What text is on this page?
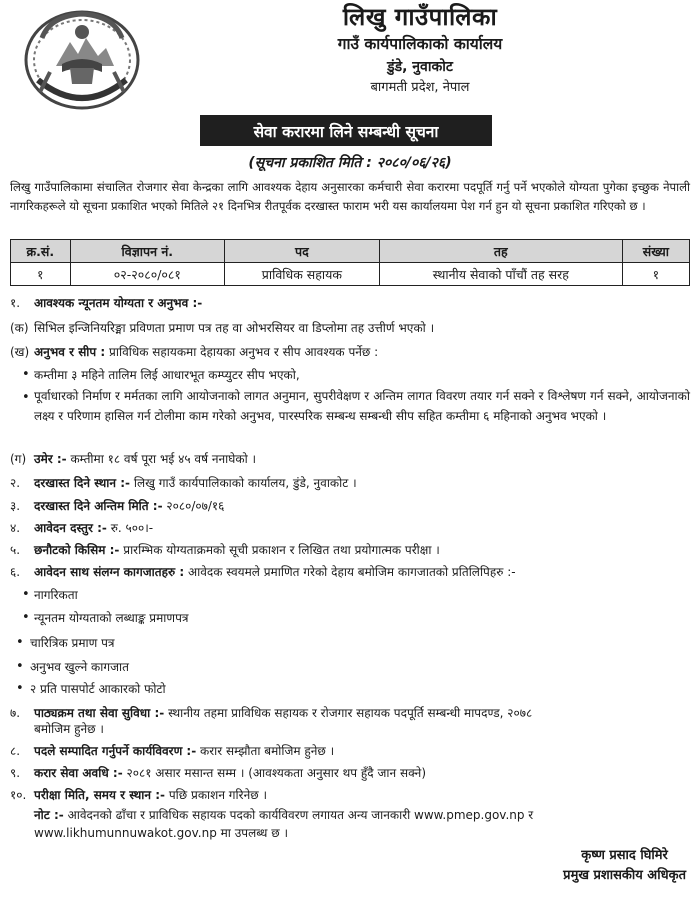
लिखु गाउँपालिका
गाउँ कार्यपालिकाको कार्यालय
डुंडे, नुवाकोट
बागमती प्रदेश, नेपाल
सेवा करारमा लिने सम्बन्धी सूचना
(सूचना प्रकाशित मिति : २०८०/०६/२६)
लिखु गाउँपालिकामा संचालित रोजगार सेवा केन्द्रका लागि आवश्यक देहाय अनुसारका कर्मचारी सेवा करारमा पदपूर्ति गर्नु पर्ने भएकोले योग्यता पुगेका इच्छुक नेपाली नागरिकहरूले यो सूचना प्रकाशित भएको मितिले २१ दिनभित्र रीतपूर्वक दरखास्त फाराम भरी यस कार्यालयमा पेश गर्न हुन यो सूचना प्रकाशित गरिएको छ ।
क्र.सं.	विज्ञापन नं.	पद	तह	संख्या
१	०२-२०८०/०८१	प्राविधिक सहायक	स्थानीय सेवाको पाँचौं तह सरह	१
१. आवश्यक न्यूनतम योग्यता र अनुभव :-
(क) सिभिल इन्जिनियरिङ्मा प्रविणता प्रमाण पत्र तह वा ओभरसियर वा डिप्लोमा तह उत्तीर्ण भएको ।
(ख) अनुभव र सीप : प्राविधिक सहायकमा देहायका अनुभव र सीप आवश्यक पर्नेछ :
• कम्तीमा ३ महिने तालिम लिई आधारभूत कम्प्युटर सीप भएको,
• पूर्वाधारको निर्माण र मर्मतका लागि आयोजनाको लागत अनुमान, सुपरीवेक्षण र अन्तिम लागत विवरण तयार गर्न सक्ने र विश्लेषण गर्न सक्ने, आयोजनाको लक्ष्य र परिणाम हासिल गर्न टोलीमा काम गरेको अनुभव, पारस्परिक सम्बन्ध सम्बन्धी सीप सहित कम्तीमा ६ महिनाको अनुभव भएको ।
(ग) उमेर :- कम्तीमा १८ वर्ष पूरा भई ४५ वर्ष ननाघेको ।
२. दरखास्त दिने स्थान :- लिखु गाउँ कार्यपालिकाको कार्यालय, डुंडे, नुवाकोट ।
३. दरखास्त दिने अन्तिम मिति :- २०८०/०७/१६
४. आवेदन दस्तुर :- रु. ५००।-
५. छनौटको किसिम :- प्रारम्भिक योग्यताक्रमको सूची प्रकाशन र लिखित तथा प्रयोगात्मक परीक्षा ।
६. आवेदन साथ संलग्न कागजातहरु : आवेदक स्वयमले प्रमाणित गरेको देहाय बमोजिम कागजातको प्रतिलिपिहरु :-
• नागरिकता
• न्यूनतम योग्यताको लब्धाङ्क प्रमाणपत्र
• चारित्रिक प्रमाण पत्र
• अनुभव खुल्ने कागजात
• २ प्रति पासपोर्ट आकारको फोटो
७. पाठ्यक्रम तथा सेवा सुविधा :- स्थानीय तहमा प्राविधिक सहायक र रोजगार सहायक पदपूर्ति सम्बन्धी मापदण्ड, २०७८
बमोजिम हुनेछ ।
८. पदले सम्पादित गर्नुपर्ने कार्यविवरण :- करार सम्झौता बमोजिम हुनेछ ।
९. करार सेवा अवधि :- २०८१ असार मसान्त सम्म । (आवश्यकता अनुसार थप हुँदै जान सक्ने)
१०. परीक्षा मिति, समय र स्थान :- पछि प्रकाशन गरिनेछ ।
नोट :- आवेदनको ढाँचा र प्राविधिक सहायक पदको कार्यविवरण लगायत अन्य जानकारी www.pmep.gov.np र
www.likhumunnuwakot.gov.np मा उपलब्ध छ ।
कृष्ण प्रसाद घिमिरे
प्रमुख प्रशासकीय अधिकृत
